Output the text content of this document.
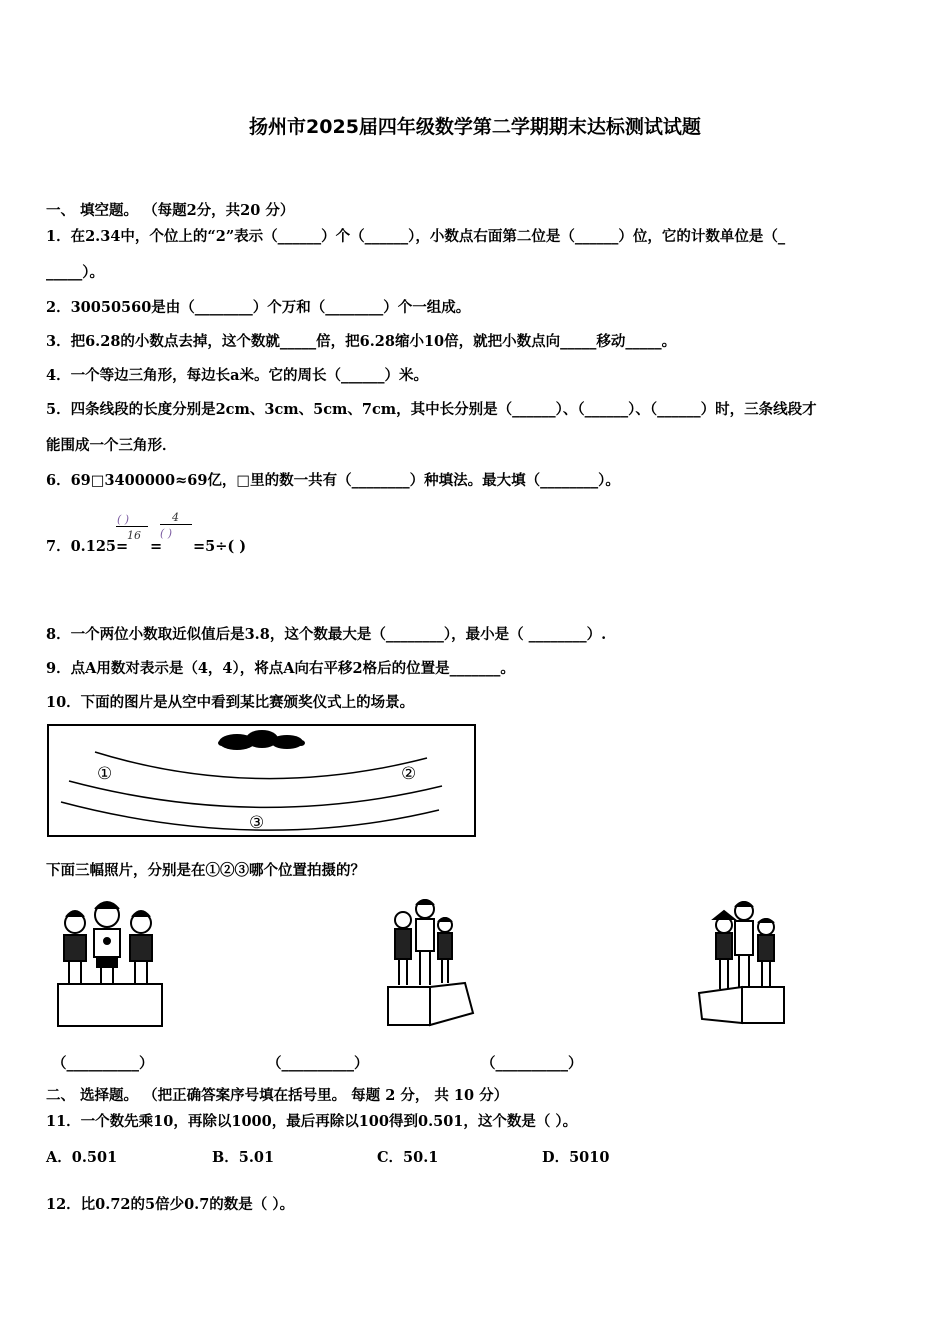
扬州市2025届四年级数学第二学期期末达标测试试题
一、 填空题。 （每题2分，共20 分）
1．在2.34中，个位上的“2”表示（______）个（______），小数点右面第二位是（______）位，它的计数单位是（_
_____）。
2．30050560是由（________）个万和（________）个一组成。
3．把6.28的小数点去掉，这个数就_____倍，把6.28缩小10倍，就把小数点向_____移动_____。
4．一个等边三角形，每边长a米。它的周长（______）米。
5．四条线段的长度分别是2cm、3cm、5cm、7cm，其中长分别是（______）、（______）、（______）时，三条线段才
能围成一个三角形．
6．69□3400000≈69亿，□里的数一共有（________）种填法。最大填（________）。
7．0.125=
( )
16
=
4
( )
=5÷( )
8．一个两位小数取近似值后是3.8，这个数最大是（________），最小是（ ________）.
9．点A用数对表示是（4，4），将点A向右平移2格后的位置是_______。
10．下面的图片是从空中看到某比赛颁奖仪式上的场景。
①	②
③
下面三幅照片，分别是在①②③哪个位置拍摄的？
（__________）	（__________）	（__________）
二、 选择题。 （把正确答案序号填在括号里。 每题 2 分， 共 10 分）
11．一个数先乘10，再除以1000，最后再除以100得到0.501，这个数是（ ）。
A．0.501	B．5.01	C．50.1	D．5010
12．比0.72的5倍少0.7的数是（ ）。
